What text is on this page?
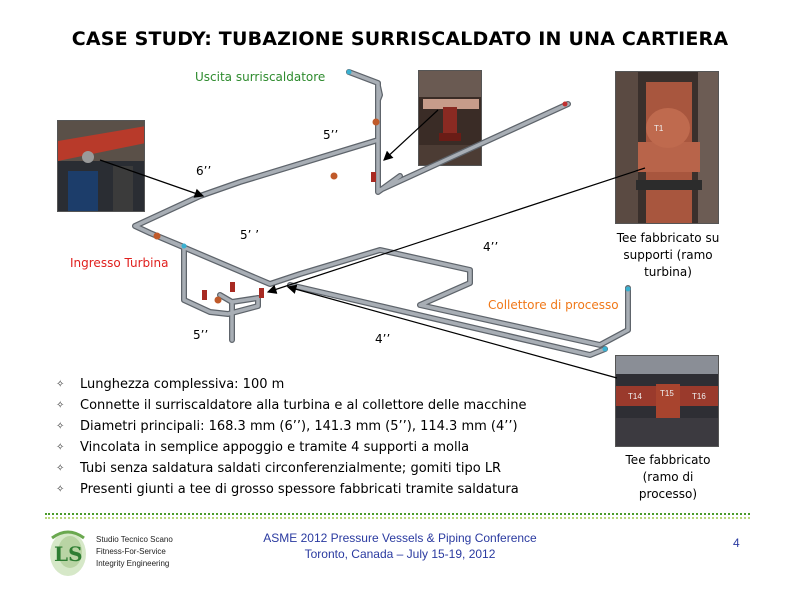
CASE STUDY: TUBAZIONE SURRISCALDATO IN UNA CARTIERA
T1
T14 T15 T16
Uscita surriscaldatore
Ingresso Turbina
Collettore di processo
6’’
5’’
5’ ’
4’’
5’’	4’’
Tee fabbricato su supporti (ramo turbina)
Tee fabbricato (ramo di processo)
✧ Lunghezza complessiva: 100 m
✧ Connette il surriscaldatore alla turbina e al collettore delle macchine
✧ Diametri principali: 168.3 mm (6’’), 141.3 mm (5’’), 114.3 mm (4’’)
✧ Vincolata in semplice appoggio e tramite 4 supporti a molla
✧ Tubi senza saldatura saldati circonferenzialmente; gomiti tipo LR
✧ Presenti giunti a tee di grosso spessore fabbricati tramite saldatura
LS
Studio Tecnico Scano
Fitness-For-Service
Integrity Engineering
ASME 2012 Pressure Vessels & Piping Conference
Toronto, Canada – July 15-19, 2012
4
